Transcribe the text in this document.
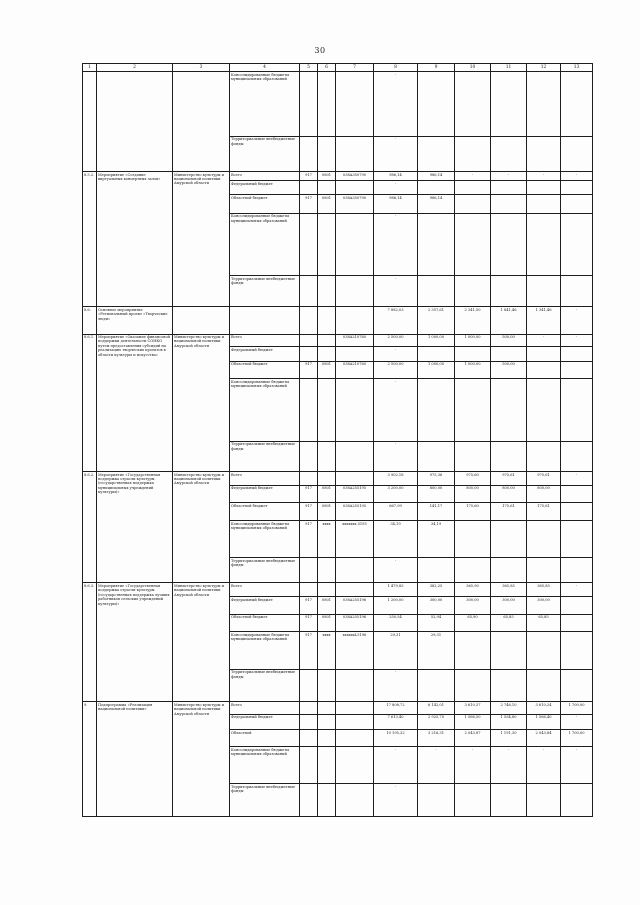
30
1	2	3	4	5	6	7	8	9	10	11	12	13
			Консолидированные бюджеты муниципальных образований				-					
			Территориальные внебюджетные фонды				-					
8.5.2.	Мероприятие «Создание виртуальных концертных залов»	Министерство культуры и национальной политики Амурской области	Всего	917	0801	038A350790	986,14	986,14	-	-	-	-
			Федеральный бюджет				-					
			Областной бюджет	917	0801	038A350790	986,14	986,14				
			Консолидированные бюджеты муниципальных образований				-					
			Территориальные внебюджетные фонды				-					
8.6.	Основное мероприятие «Региональный проект «Творческие люди»						7 882,03	2 357,61	2 341,50	1 841,46	1 341,46	-
8.6.1.	Мероприятие «Оказание финансовой поддержки деятельности СОНКО путем предоставления субсидий на реализацию творческих проектов в области культуры и искусства»	Министерство культуры и национальной политики Амурской области	Всего			038A210760	2 500,00	1 000,00	1 000,00	500,00	-	-
			Федеральный бюджет				-					
			Областной бюджет	917	0801	038A210760	2 500,00	1 000,00	1 000,00	500,00		
			Консолидированные бюджеты муниципальных образований				-					
			Территориальные внебюджетные фонды				-					
8.6.2.	Мероприятие «Государственная поддержка отрасли культуры (государственная поддержка муниципальных учреждений культуры)»	Министерство культуры и национальной политики Амурской области	Всего				3 902,18	975,36	975,60	975,61	975,61	-
			Федеральный бюджет	917	0801	038A255195	3 200,00	800,00	800,00	800,00	800,00	
			Областной бюджет	917	0801	038A255195	667,99	141,17	175,60	175,61	175,61	
			Консолидированные бюджеты муниципальных образований	917	xxxx	xxxxxxx.5195	34,19	34,19				
			Территориальные внебюджетные фонды				-					
8.6.3.	Мероприятие «Государственная поддержка отрасли культуры (государственная поддержка лучших работников сельских учреждений культуры)»	Министерство культуры и национальной политики Амурской области	Всего				1 479,85	382,25	365,90	365,85	365,85	-
			Федеральный бюджет	917	0801	038A255196	1 200,00	300,00	300,00	300,00	300,00	
			Областной бюджет	917	0801	038A255196	250,54	52,94	65,90	65,85	65,85	
			Консолидированные бюджеты муниципальных образований	917	xxxx	xxxxxxL5196	29,31	29,31				
			Территориальные внебюджетные фонды				-					
9.	Подпрограмма «Реализация национальной политики»	Министерство культуры и национальной политики Амурской области	Всего				17 808,72	6 142,01	3 610,37	2 746,10	3 610,24	1 700,00
			Федеральный бюджет				7 613,40	2 925,70	1 566,50	1 554,80	1 566,40	-
			Областной				10 195,32	3 216,31	2 043,87	1 191,30	2 043,84	1 700,00
			Консолидированные бюджеты муниципальных образований				-	-	-	-	-	-
			Территориальные внебюджетные фонды				-					
